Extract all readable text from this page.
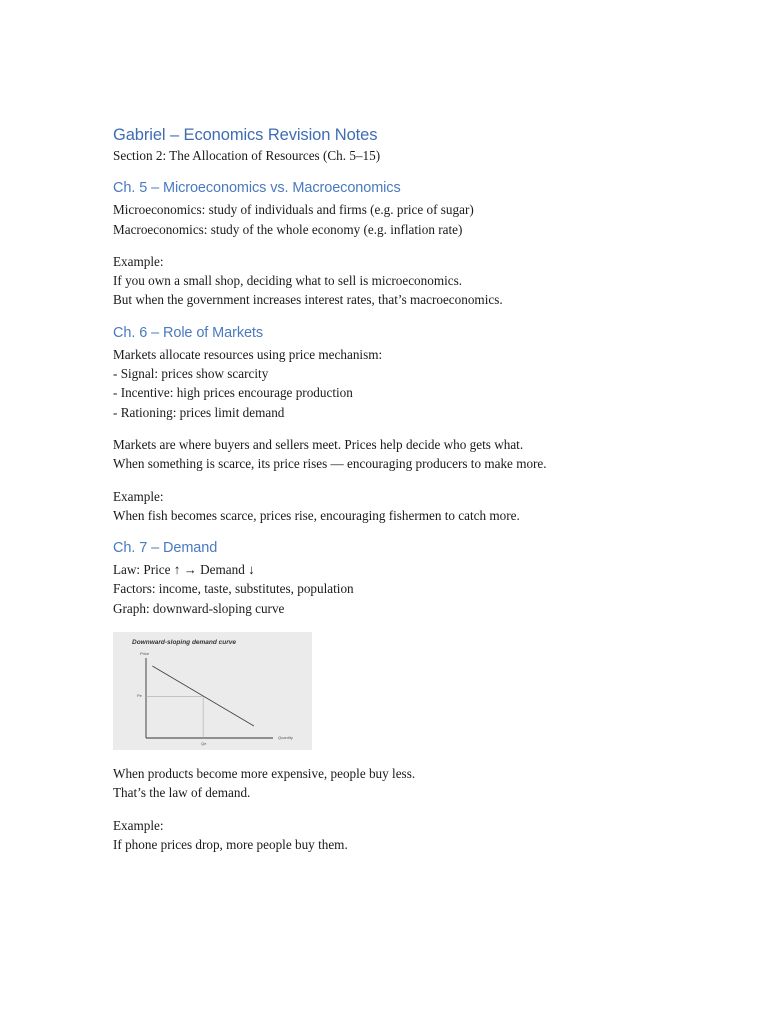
Gabriel – Economics Revision Notes
Section 2: The Allocation of Resources (Ch. 5–15)
Ch. 5 – Microeconomics vs. Macroeconomics
Microeconomics: study of individuals and firms (e.g. price of sugar)
Macroeconomics: study of the whole economy (e.g. inflation rate)
Example:
If you own a small shop, deciding what to sell is microeconomics.
But when the government increases interest rates, that’s macroeconomics.
Ch. 6 – Role of Markets
Markets allocate resources using price mechanism:
- Signal: prices show scarcity
- Incentive: high prices encourage production
- Rationing: prices limit demand
Markets are where buyers and sellers meet. Prices help decide who gets what.
When something is scarce, its price rises — encouraging producers to make more.
Example:
When fish becomes scarce, prices rise, encouraging fishermen to catch more.
Ch. 7 – Demand
Law: Price ↑ → Demand ↓
Factors: income, taste, substitutes, population
Graph: downward-sloping curve
Downward-sloping demand curve
Price
Quantity
Pe
Qe
When products become more expensive, people buy less.
That’s the law of demand.
Example:
If phone prices drop, more people buy them.
